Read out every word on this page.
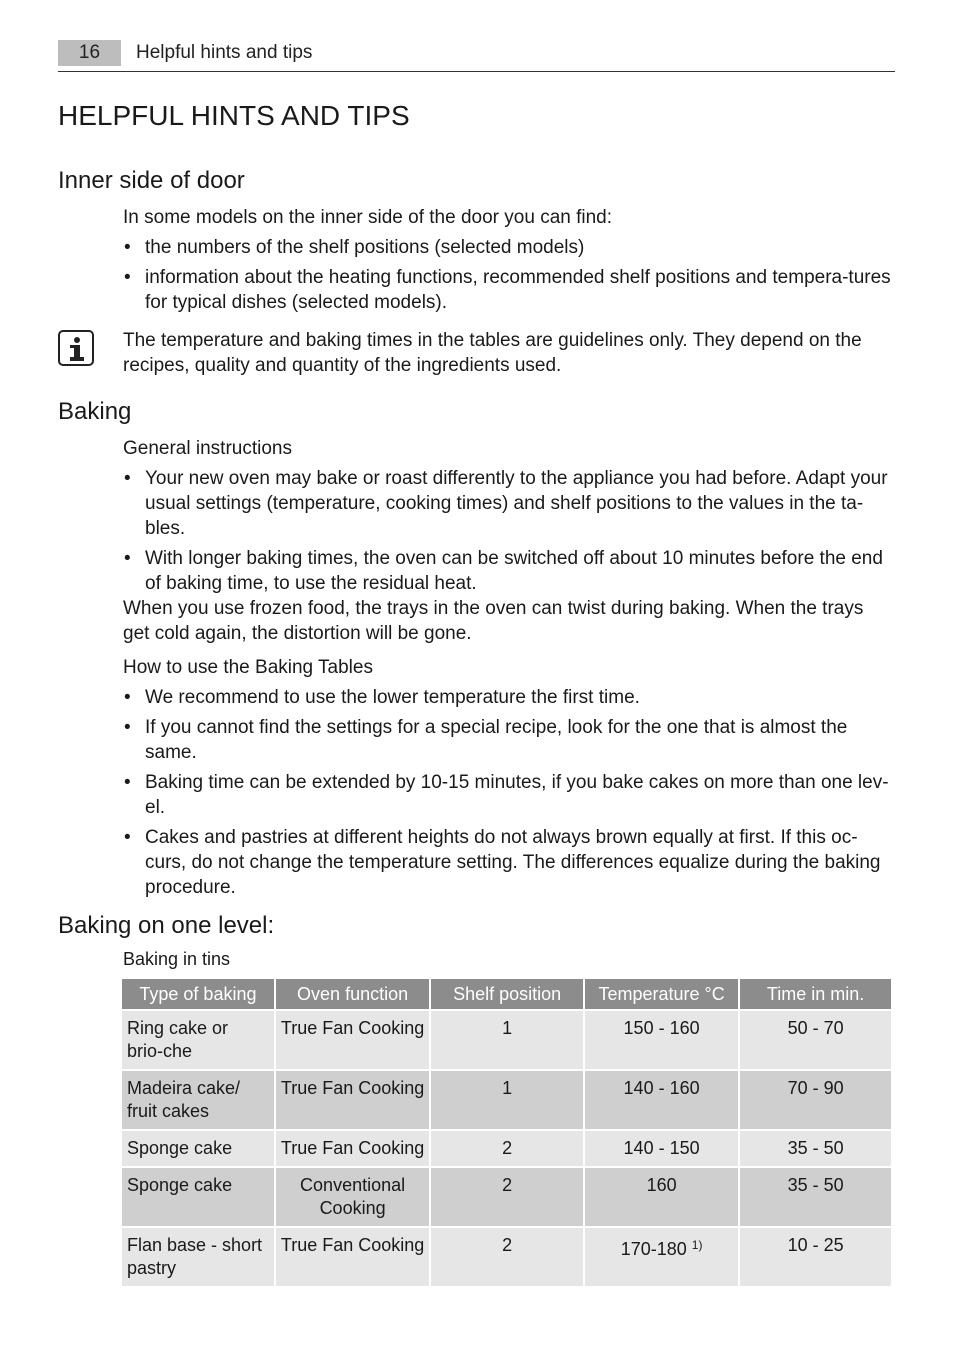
16	Helpful hints and tips
HELPFUL HINTS AND TIPS
Inner side of door

In some models on the inner side of the door you can find:

• the numbers of the shelf positions (selected models)
• information about the heating functions, recommended shelf positions and tempera-tures for typical dishes (selected models).

The temperature and baking times in the tables are guidelines only. They depend on the recipes, quality and quantity of the ingredients used.

Baking

General instructions

• Your new oven may bake or roast differently to the appliance you had before. Adapt your usual settings (temperature, cooking times) and shelf positions to the values in the ta-bles.
• With longer baking times, the oven can be switched off about 10 minutes before the end of baking time, to use the residual heat.

When you use frozen food, the trays in the oven can twist during baking. When the trays get cold again, the distortion will be gone.

How to use the Baking Tables

• We recommend to use the lower temperature the first time.
• If you cannot find the settings for a special recipe, look for the one that is almost the same.
• Baking time can be extended by 10-15 minutes, if you bake cakes on more than one lev-el.
• Cakes and pastries at different heights do not always brown equally at first. If this oc-curs, do not change the temperature setting. The differences equalize during the baking procedure.
Baking on one level:
Baking in tins
Type of baking	Oven function	Shelf position	Temperature °C	Time in min.
Ring cake or brio-che	True Fan Cooking	1	150 - 160	50 - 70
Madeira cake/ fruit cakes	True Fan Cooking	1	140 - 160	70 - 90
Sponge cake	True Fan Cooking	2	140 - 150	35 - 50
Sponge cake	Conventional Cooking	2	160	35 - 50
Flan base - short pastry	True Fan Cooking	2	170-180 $^{1)}$	10 - 25
